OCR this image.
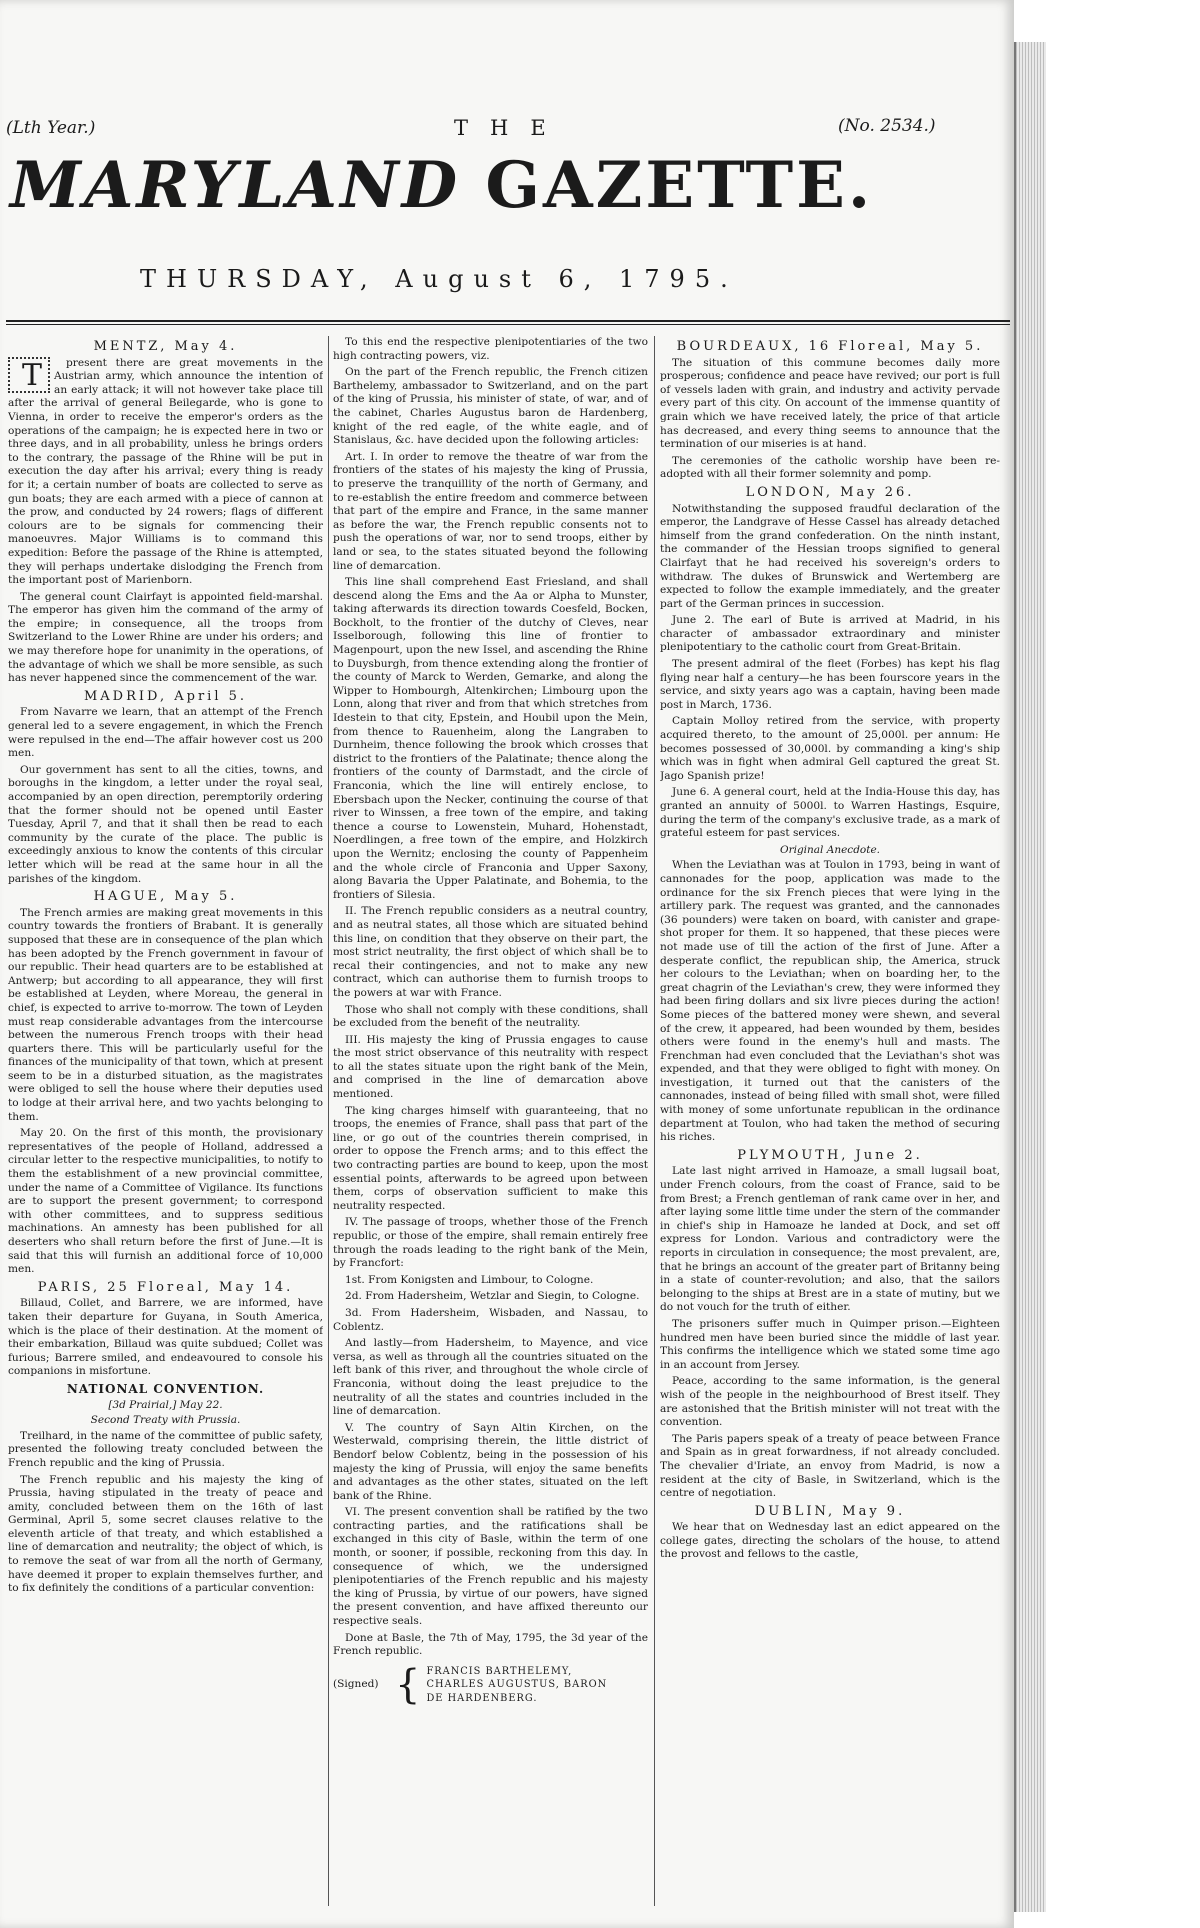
(Lth Year.)	THE	(No. 2534.)
MARYLAND GAZETTE.
THURSDAY, August 6, 1795.
MENTZ, May 4.

Tpresent there are great movements in the Austrian army, which announce the intention of an early attack; it will not however take place till after the arrival of general Beilegarde, who is gone to Vienna, in order to receive the emperor's orders as the operations of the campaign; he is expected here in two or three days, and in all probability, unless he brings orders to the contrary, the passage of the Rhine will be put in execution the day after his arrival; every thing is ready for it; a certain number of boats are collected to serve as gun boats; they are each armed with a piece of cannon at the prow, and conducted by 24 rowers; flags of different colours are to be signals for commencing their manoeuvres. Major Williams is to command this expedition: Before the passage of the Rhine is attempted, they will perhaps undertake dislodging the French from the important post of Marienborn.

The general count Clairfayt is appointed field-marshal. The emperor has given him the command of the army of the empire; in consequence, all the troops from Switzerland to the Lower Rhine are under his orders; and we may therefore hope for unanimity in the operations, of the advantage of which we shall be more sensible, as such has never happened since the commencement of the war.

MADRID, April 5.

From Navarre we learn, that an attempt of the French general led to a severe engagement, in which the French were repulsed in the end—The affair however cost us 200 men.

Our government has sent to all the cities, towns, and boroughs in the kingdom, a letter under the royal seal, accompanied by an open direction, peremptorily ordering that the former should not be opened until Easter Tuesday, April 7, and that it shall then be read to each community by the curate of the place. The public is exceedingly anxious to know the contents of this circular letter which will be read at the same hour in all the parishes of the kingdom.

HAGUE, May 5.

The French armies are making great movements in this country towards the frontiers of Brabant. It is generally supposed that these are in consequence of the plan which has been adopted by the French government in favour of our republic. Their head quarters are to be established at Antwerp; but according to all appearance, they will first be established at Leyden, where Moreau, the general in chief, is expected to arrive to-morrow. The town of Leyden must reap considerable advantages from the intercourse between the numerous French troops with their head quarters there. This will be particularly useful for the finances of the municipality of that town, which at present seem to be in a disturbed situation, as the magistrates were obliged to sell the house where their deputies used to lodge at their arrival here, and two yachts belonging to them.

May 20. On the first of this month, the provisionary representatives of the people of Holland, addressed a circular letter to the respective municipalities, to notify to them the establishment of a new provincial committee, under the name of a Committee of Vigilance. Its functions are to support the present government; to correspond with other committees, and to suppress seditious machinations. An amnesty has been published for all deserters who shall return before the first of June.—It is said that this will furnish an additional force of 10,000 men.

PARIS, 25 Floreal, May 14.

Billaud, Collet, and Barrere, we are informed, have taken their departure for Guyana, in South America, which is the place of their destination. At the moment of their embarkation, Billaud was quite subdued; Collet was furious; Barrere smiled, and endeavoured to console his companions in misfortune.

NATIONAL CONVENTION.
[3d Prairial,] May 22.
Second Treaty with Prussia.

Treilhard, in the name of the committee of public safety, presented the following treaty concluded between the French republic and the king of Prussia.

The French republic and his majesty the king of Prussia, having stipulated in the treaty of peace and amity, concluded between them on the 16th of last Germinal, April 5, some secret clauses relative to the eleventh article of that treaty, and which established a line of demarcation and neutrality; the object of which, is to remove the seat of war from all the north of Germany, have deemed it proper to explain themselves further, and to fix definitely the conditions of a particular convention:

To this end the respective plenipotentiaries of the two high contracting powers, viz.

On the part of the French republic, the French citizen Barthelemy, ambassador to Switzerland, and on the part of the king of Prussia, his minister of state, of war, and of the cabinet, Charles Augustus baron de Hardenberg, knight of the red eagle, of the white eagle, and of Stanislaus, &c. have decided upon the following articles:

Art. I. In order to remove the theatre of war from the frontiers of the states of his majesty the king of Prussia, to preserve the tranquillity of the north of Germany, and to re-establish the entire freedom and commerce between that part of the empire and France, in the same manner as before the war, the French republic consents not to push the operations of war, nor to send troops, either by land or sea, to the states situated beyond the following line of demarcation.

This line shall comprehend East Friesland, and shall descend along the Ems and the Aa or Alpha to Munster, taking afterwards its direction towards Coesfeld, Bocken, Bockholt, to the frontier of the dutchy of Cleves, near Isselborough, following this line of frontier to Magenpourt, upon the new Issel, and ascending the Rhine to Duysburgh, from thence extending along the frontier of the county of Marck to Werden, Gemarke, and along the Wipper to Hombourgh, Altenkirchen; Limbourg upon the Lonn, along that river and from that which stretches from Idestein to that city, Epstein, and Houbil upon the Mein, from thence to Rauenheim, along the Langraben to Durnheim, thence following the brook which crosses that district to the frontiers of the Palatinate; thence along the frontiers of the county of Darmstadt, and the circle of Franconia, which the line will entirely enclose, to Ebersbach upon the Necker, continuing the course of that river to Winssen, a free town of the empire, and taking thence a course to Lowenstein, Muhard, Hohenstadt, Noerdlingen, a free town of the empire, and Holzkirch upon the Wernitz; enclosing the county of Pappenheim and the whole circle of Franconia and Upper Saxony, along Bavaria the Upper Palatinate, and Bohemia, to the frontiers of Silesia.

II. The French republic considers as a neutral country, and as neutral states, all those which are situated behind this line, on condition that they observe on their part, the most strict neutrality, the first object of which shall be to recal their contingencies, and not to make any new contract, which can authorise them to furnish troops to the powers at war with France.

Those who shall not comply with these conditions, shall be excluded from the benefit of the neutrality.

III. His majesty the king of Prussia engages to cause the most strict observance of this neutrality with respect to all the states situate upon the right bank of the Mein, and comprised in the line of demarcation above mentioned.

The king charges himself with guaranteeing, that no troops, the enemies of France, shall pass that part of the line, or go out of the countries therein comprised, in order to oppose the French arms; and to this effect the two contracting parties are bound to keep, upon the most essential points, afterwards to be agreed upon between them, corps of observation sufficient to make this neutrality respected.

IV. The passage of troops, whether those of the French republic, or those of the empire, shall remain entirely free through the roads leading to the right bank of the Mein, by Francfort:

1st. From Konigsten and Limbour, to Cologne.

2d. From Hadersheim, Wetzlar and Siegin, to Cologne.

3d. From Hadersheim, Wisbaden, and Nassau, to Coblentz.

And lastly—from Hadersheim, to Mayence, and vice versa, as well as through all the countries situated on the left bank of this river, and throughout the whole circle of Franconia, without doing the least prejudice to the neutrality of all the states and countries included in the line of demarcation.

V. The country of Sayn Altin Kirchen, on the Westerwald, comprising therein, the little district of Bendorf below Coblentz, being in the possession of his majesty the king of Prussia, will enjoy the same benefits and advantages as the other states, situated on the left bank of the Rhine.

VI. The present convention shall be ratified by the two contracting parties, and the ratifications shall be exchanged in this city of Basle, within the term of one month, or sooner, if possible, reckoning from this day. In consequence of which, we the undersigned plenipotentiaries of the French republic and his majesty the king of Prussia, by virtue of our powers, have signed the present convention, and have affixed thereunto our respective seals.

Done at Basle, the 7th of May, 1795, the 3d year of the French republic.

(Signed) { FRANCIS BARTHELEMY,
CHARLES AUGUSTUS, BARON
DE HARDENBERG.
BOURDEAUX, 16 Floreal, May 5.

The situation of this commune becomes daily more prosperous; confidence and peace have revived; our port is full of vessels laden with grain, and industry and activity pervade every part of this city. On account of the immense quantity of grain which we have received lately, the price of that article has decreased, and every thing seems to announce that the termination of our miseries is at hand.

The ceremonies of the catholic worship have been re-adopted with all their former solemnity and pomp.

LONDON, May 26.

Notwithstanding the supposed fraudful declaration of the emperor, the Landgrave of Hesse Cassel has already detached himself from the grand confederation. On the ninth instant, the commander of the Hessian troops signified to general Clairfayt that he had received his sovereign's orders to withdraw. The dukes of Brunswick and Wertemberg are expected to follow the example immediately, and the greater part of the German princes in succession.

June 2. The earl of Bute is arrived at Madrid, in his character of ambassador extraordinary and minister plenipotentiary to the catholic court from Great-Britain.

The present admiral of the fleet (Forbes) has kept his flag flying near half a century—he has been fourscore years in the service, and sixty years ago was a captain, having been made post in March, 1736.

Captain Molloy retired from the service, with property acquired thereto, to the amount of 25,000l. per annum: He becomes possessed of 30,000l. by commanding a king's ship which was in fight when admiral Gell captured the great St. Jago Spanish prize!

June 6. A general court, held at the India-House this day, has granted an annuity of 5000l. to Warren Hastings, Esquire, during the term of the company's exclusive trade, as a mark of grateful esteem for past services.

Original Anecdote.

When the Leviathan was at Toulon in 1793, being in want of cannonades for the poop, application was made to the ordinance for the six French pieces that were lying in the artillery park. The request was granted, and the cannonades (36 pounders) were taken on board, with canister and grape-shot proper for them. It so happened, that these pieces were not made use of till the action of the first of June. After a desperate conflict, the republican ship, the America, struck her colours to the Leviathan; when on boarding her, to the great chagrin of the Leviathan's crew, they were informed they had been firing dollars and six livre pieces during the action! Some pieces of the battered money were shewn, and several of the crew, it appeared, had been wounded by them, besides others were found in the enemy's hull and masts. The Frenchman had even concluded that the Leviathan's shot was expended, and that they were obliged to fight with money. On investigation, it turned out that the canisters of the cannonades, instead of being filled with small shot, were filled with money of some unfortunate republican in the ordinance department at Toulon, who had taken the method of securing his riches.

PLYMOUTH, June 2.

Late last night arrived in Hamoaze, a small lugsail boat, under French colours, from the coast of France, said to be from Brest; a French gentleman of rank came over in her, and after laying some little time under the stern of the commander in chief's ship in Hamoaze he landed at Dock, and set off express for London. Various and contradictory were the reports in circulation in consequence; the most prevalent, are, that he brings an account of the greater part of Britanny being in a state of counter-revolution; and also, that the sailors belonging to the ships at Brest are in a state of mutiny, but we do not vouch for the truth of either.

The prisoners suffer much in Quimper prison.—Eighteen hundred men have been buried since the middle of last year. This confirms the intelligence which we stated some time ago in an account from Jersey.

Peace, according to the same information, is the general wish of the people in the neighbourhood of Brest itself. They are astonished that the British minister will not treat with the convention.

The Paris papers speak of a treaty of peace between France and Spain as in great forwardness, if not already concluded. The chevalier d'Iriate, an envoy from Madrid, is now a resident at the city of Basle, in Switzerland, which is the centre of negotiation.

DUBLIN, May 9.

We hear that on Wednesday last an edict appeared on the college gates, directing the scholars of the house, to attend the provost and fellows to the castle,
